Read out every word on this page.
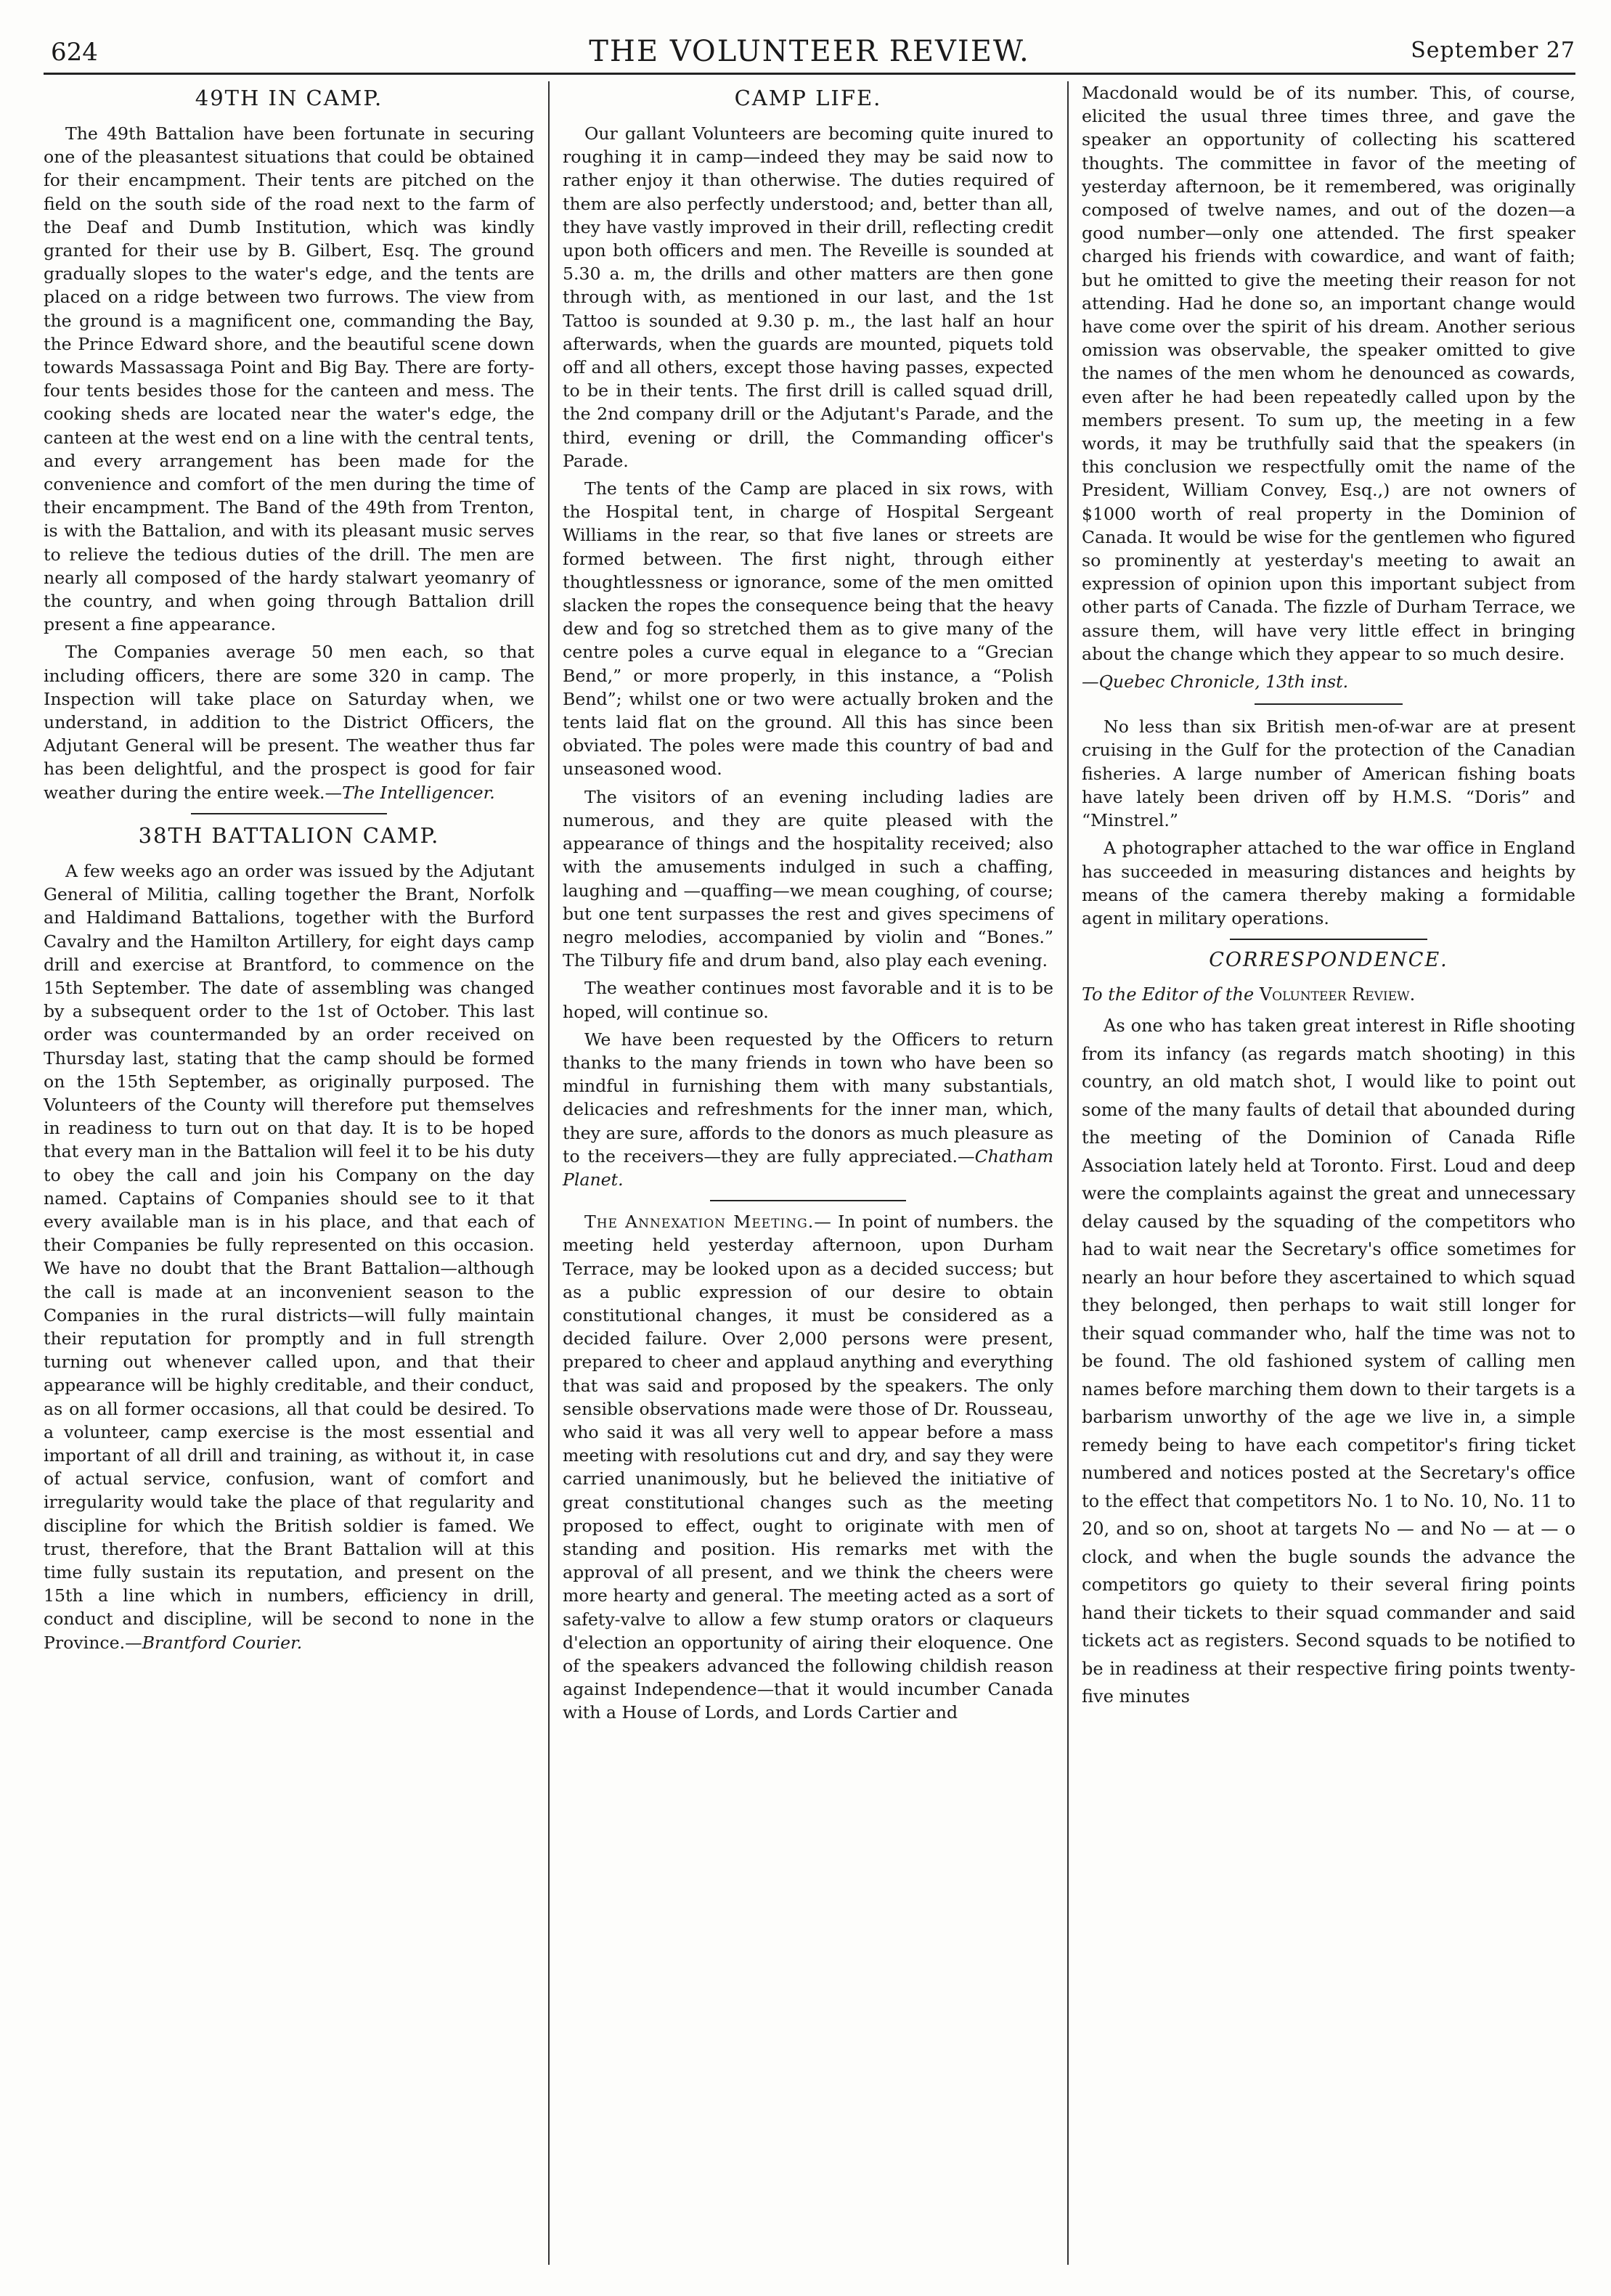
624	THE VOLUNTEER REVIEW.	September 27
49TH IN CAMP.

The 49th Battalion have been fortunate in securing one of the pleasantest situations that could be obtained for their encampment. Their tents are pitched on the field on the south side of the road next to the farm of the Deaf and Dumb Institution, which was kindly granted for their use by B. Gilbert, Esq. The ground gradually slopes to the water's edge, and the tents are placed on a ridge between two furrows. The view from the ground is a magnificent one, commanding the Bay, the Prince Edward shore, and the beautiful scene down towards Massassaga Point and Big Bay. There are forty-four tents besides those for the canteen and mess. The cooking sheds are located near the water's edge, the canteen at the west end on a line with the central tents, and every arrangement has been made for the convenience and comfort of the men during the time of their encampment. The Band of the 49th from Trenton, is with the Battalion, and with its pleasant music serves to relieve the tedious duties of the drill. The men are nearly all composed of the hardy stalwart yeomanry of the country, and when going through Battalion drill present a fine appearance.

The Companies average 50 men each, so that including officers, there are some 320 in camp. The Inspection will take place on Saturday when, we understand, in addition to the District Officers, the Adjutant General will be present. The weather thus far has been delightful, and the prospect is good for fair weather during the entire week.—The Intelligencer.

38TH BATTALION CAMP.

A few weeks ago an order was issued by the Adjutant General of Militia, calling together the Brant, Norfolk and Haldimand Battalions, together with the Burford Cavalry and the Hamilton Artillery, for eight days camp drill and exercise at Brantford, to commence on the 15th September. The date of assembling was changed by a subsequent order to the 1st of October. This last order was countermanded by an order received on Thursday last, stating that the camp should be formed on the 15th September, as originally purposed. The Volunteers of the County will therefore put themselves in readiness to turn out on that day. It is to be hoped that every man in the Battalion will feel it to be his duty to obey the call and join his Company on the day named. Captains of Companies should see to it that every available man is in his place, and that each of their Companies be fully represented on this occasion. We have no doubt that the Brant Battalion—although the call is made at an inconvenient season to the Companies in the rural districts—will fully maintain their reputation for promptly and in full strength turning out whenever called upon, and that their appearance will be highly creditable, and their conduct, as on all former occasions, all that could be desired. To a volunteer, camp exercise is the most essential and important of all drill and training, as without it, in case of actual service, confusion, want of comfort and irregularity would take the place of that regularity and discipline for which the British soldier is famed. We trust, therefore, that the Brant Battalion will at this time fully sustain its reputation, and present on the 15th a line which in numbers, efficiency in drill, conduct and discipline, will be second to none in the Province.—Brantford Courier.

CAMP LIFE.

Our gallant Volunteers are becoming quite inured to roughing it in camp—indeed they may be said now to rather enjoy it than otherwise. The duties required of them are also perfectly understood; and, better than all, they have vastly improved in their drill, reflecting credit upon both officers and men. The Reveille is sounded at 5.30 a. m, the drills and other matters are then gone through with, as mentioned in our last, and the 1st Tattoo is sounded at 9.30 p. m., the last half an hour afterwards, when the guards are mounted, piquets told off and all others, except those having passes, expected to be in their tents. The first drill is called squad drill, the 2nd company drill or the Adjutant's Parade, and the third, evening or drill, the Commanding officer's Parade.

The tents of the Camp are placed in six rows, with the Hospital tent, in charge of Hospital Sergeant Williams in the rear, so that five lanes or streets are formed between. The first night, through either thoughtlessness or ignorance, some of the men omitted slacken the ropes the consequence being that the heavy dew and fog so stretched them as to give many of the centre poles a curve equal in elegance to a “Grecian Bend,” or more properly, in this instance, a “Polish Bend”; whilst one or two were actually broken and the tents laid flat on the ground. All this has since been obviated. The poles were made this country of bad and unseasoned wood.

The visitors of an evening including ladies are numerous, and they are quite pleased with the appearance of things and the hospitality received; also with the amusements indulged in such a chaffing, laughing and —quaffing—we mean coughing, of course; but one tent surpasses the rest and gives specimens of negro melodies, accompanied by violin and “Bones.” The Tilbury fife and drum band, also play each evening.

The weather continues most favorable and it is to be hoped, will continue so.

We have been requested by the Officers to return thanks to the many friends in town who have been so mindful in furnishing them with many substantials, delicacies and refreshments for the inner man, which, they are sure, affords to the donors as much pleasure as to the receivers—they are fully appreciated.—Chatham Planet.

The Annexation Meeting.— In point of numbers. the meeting held yesterday afternoon, upon Durham Terrace, may be looked upon as a decided success; but as a public expression of our desire to obtain constitutional changes, it must be considered as a decided failure. Over 2,000 persons were present, prepared to cheer and applaud anything and everything that was said and proposed by the speakers. The only sensible observations made were those of Dr. Rousseau, who said it was all very well to appear before a mass meeting with resolutions cut and dry, and say they were carried unanimously, but he believed the initiative of great constitutional changes such as the meeting proposed to effect, ought to originate with men of standing and position. His remarks met with the approval of all present, and we think the cheers were more hearty and general. The meeting acted as a sort of safety-valve to allow a few stump orators or claqueurs d'election an opportunity of airing their eloquence. One of the speakers advanced the following childish reason against Independence—that it would incumber Canada with a House of Lords, and Lords Cartier and

Macdonald would be of its number. This, of course, elicited the usual three times three, and gave the speaker an opportunity of collecting his scattered thoughts. The committee in favor of the meeting of yesterday afternoon, be it remembered, was originally composed of twelve names, and out of the dozen—a good number—only one attended. The first speaker charged his friends with cowardice, and want of faith; but he omitted to give the meeting their reason for not attending. Had he done so, an important change would have come over the spirit of his dream. Another serious omission was observable, the speaker omitted to give the names of the men whom he denounced as cowards, even after he had been repeatedly called upon by the members present. To sum up, the meeting in a few words, it may be truthfully said that the speakers (in this conclusion we respectfully omit the name of the President, William Convey, Esq.,) are not owners of $1000 worth of real property in the Dominion of Canada. It would be wise for the gentlemen who figured so prominently at yesterday's meeting to await an expression of opinion upon this important subject from other parts of Canada. The fizzle of Durham Terrace, we assure them, will have very little effect in bringing about the change which they appear to so much desire.

—Quebec Chronicle, 13th inst.

No less than six British men-of-war are at present cruising in the Gulf for the protection of the Canadian fisheries. A large number of American fishing boats have lately been driven off by H.M.S. “Doris” and “Minstrel.”

A photographer attached to the war office in England has succeeded in measuring distances and heights by means of the camera thereby making a formidable agent in military operations.

CORRESPONDENCE.
To the Editor of the Volunteer Review.

As one who has taken great interest in Rifle shooting from its infancy (as regards match shooting) in this country, an old match shot, I would like to point out some of the many faults of detail that abounded during the meeting of the Dominion of Canada Rifle Association lately held at Toronto. First. Loud and deep were the complaints against the great and unnecessary delay caused by the squading of the competitors who had to wait near the Secretary's office sometimes for nearly an hour before they ascertained to which squad they belonged, then perhaps to wait still longer for their squad commander who, half the time was not to be found. The old fashioned system of calling men names before marching them down to their targets is a barbarism unworthy of the age we live in, a simple remedy being to have each competitor's firing ticket numbered and notices posted at the Secretary's office to the effect that competitors No. 1 to No. 10, No. 11 to 20, and so on, shoot at targets No — and No — at — o clock, and when the bugle sounds the advance the competitors go quiety to their several firing points hand their tickets to their squad commander and said tickets act as registers. Second squads to be notified to be in readiness at their respective firing points twenty-five minutes
